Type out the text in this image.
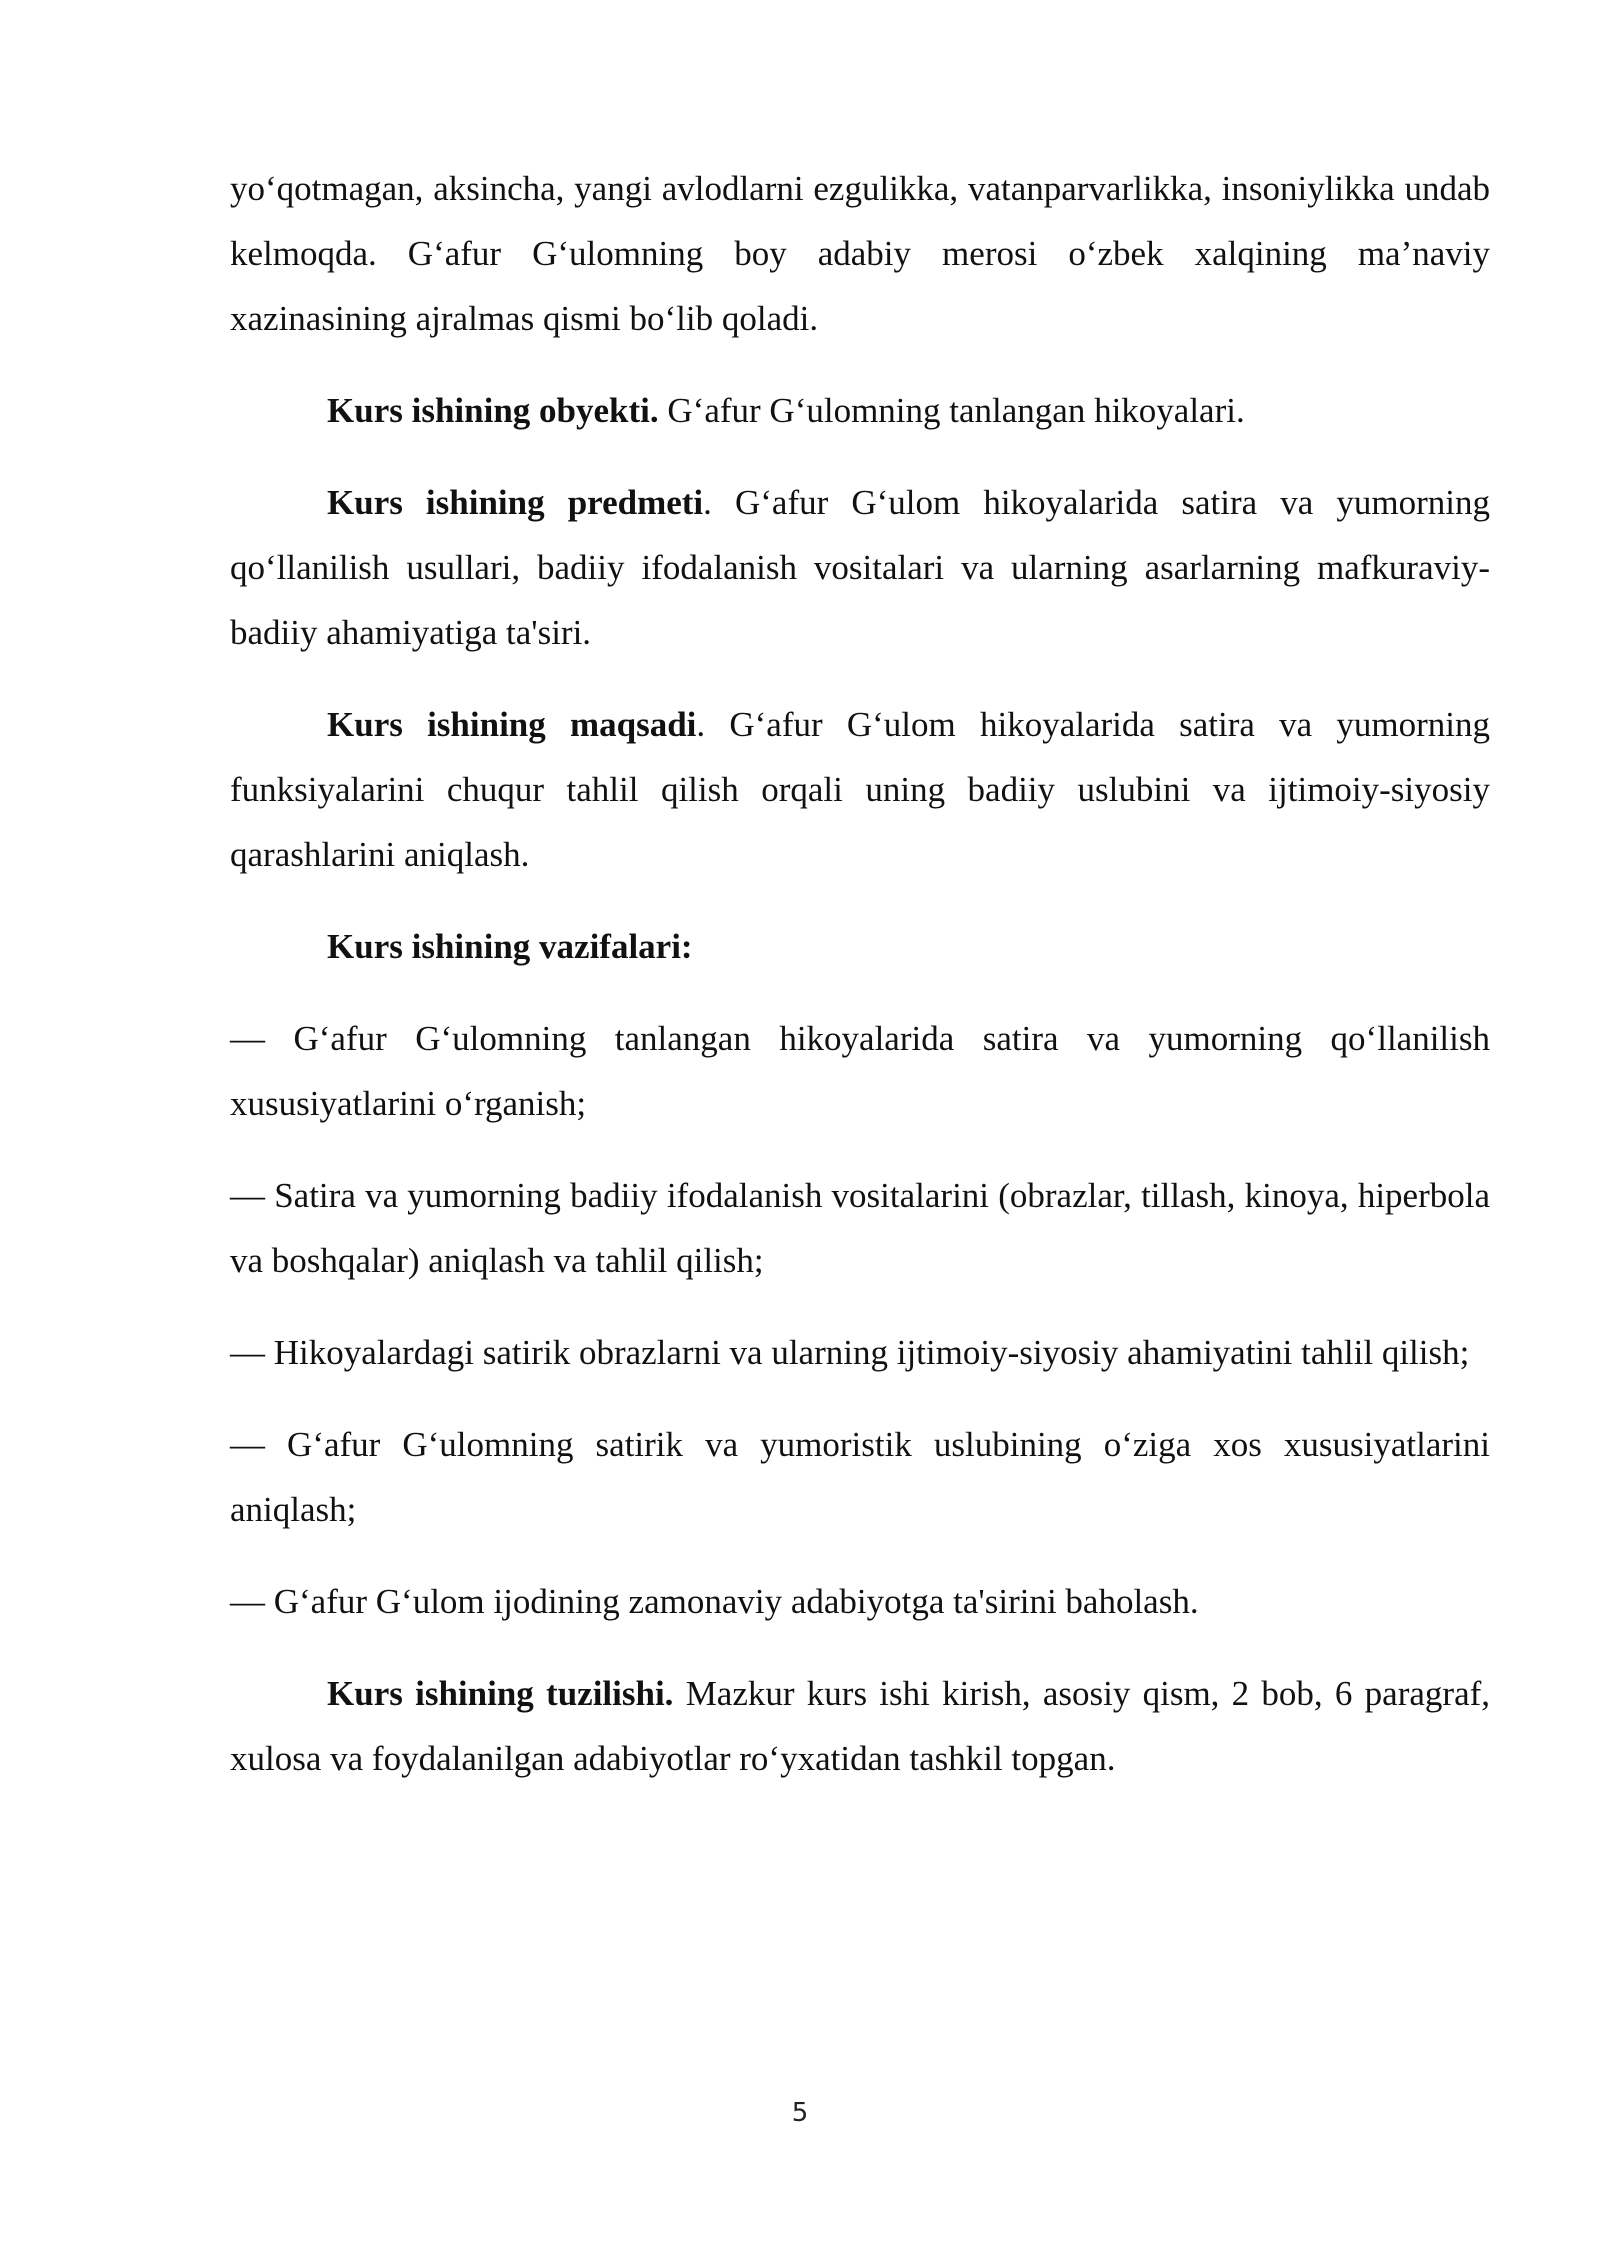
yo‘qotmagan, aksincha, yangi avlodlarni ezgulikka, vatanparvarlikka, insoniylikka undab kelmoqda. G‘afur G‘ulomning boy adabiy merosi o‘zbek xalqining ma’naviy xazinasining ajralmas qismi bo‘lib qoladi.

Kurs ishining obyekti. G‘afur G‘ulomning tanlangan hikoyalari.

Kurs ishining predmeti. G‘afur G‘ulom hikoyalarida satira va yumorning qo‘llanilish usullari, badiiy ifodalanish vositalari va ularning asarlarning mafkuraviy-badiiy ahamiyatiga ta'siri.

Kurs ishining maqsadi. G‘afur G‘ulom hikoyalarida satira va yumorning funksiyalarini chuqur tahlil qilish orqali uning badiiy uslubini va ijtimoiy-siyosiy qarashlarini aniqlash.

Kurs ishining vazifalari:

— G‘afur G‘ulomning tanlangan hikoyalarida satira va yumorning qo‘llanilish xususiyatlarini o‘rganish;

— Satira va yumorning badiiy ifodalanish vositalarini (obrazlar, tillash, kinoya, hiperbola va boshqalar) aniqlash va tahlil qilish;

— Hikoyalardagi satirik obrazlarni va ularning ijtimoiy-siyosiy ahamiyatini tahlil qilish;

— G‘afur G‘ulomning satirik va yumoristik uslubining o‘ziga xos xususiyatlarini aniqlash;

— G‘afur G‘ulom ijodining zamonaviy adabiyotga ta'sirini baholash.

Kurs ishining tuzilishi. Mazkur kurs ishi kirish, asosiy qism, 2 bob, 6 paragraf, xulosa va foydalanilgan adabiyotlar ro‘yxatidan tashkil topgan.

5
